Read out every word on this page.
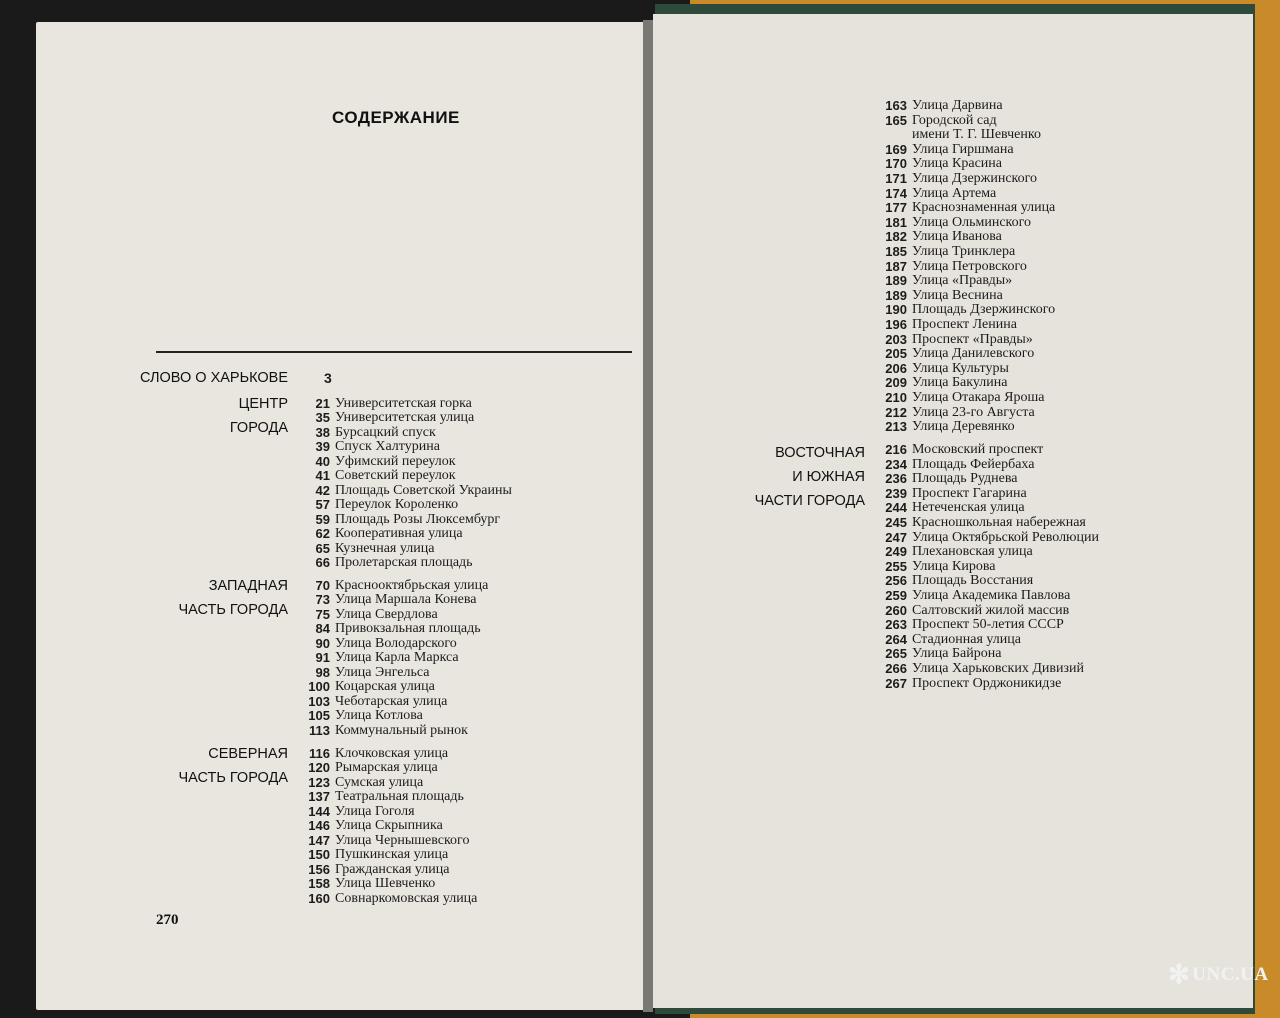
СОДЕРЖАНИЕ
СЛОВО О ХАРЬКОВЕ	3
ЦЕНТР
ГОРОДА
21 Университетская горка
35 Университетская улица
38 Бурсацкий спуск
39 Спуск Халтурина
40 Уфимский переулок
41 Советский переулок
42 Площадь Советской Украины
57 Переулок Короленко
59 Площадь Розы Люксембург
62 Кооперативная улица
65 Кузнечная улица
66 Пролетарская площадь
ЗАПАДНАЯ
ЧАСТЬ ГОРОДА
70 Краснооктябрьская улица
73 Улица Маршала Конева
75 Улица Свердлова
84 Привокзальная площадь
90 Улица Володарского
91 Улица Карла Маркса
98 Улица Энгельса
100 Коцарская улица
103 Чеботарская улица
105 Улица Котлова
113 Коммунальный рынок
СЕВЕРНАЯ
ЧАСТЬ ГОРОДА
116 Клочковская улица
120 Рымарская улица
123 Сумская улица
137 Театральная площадь
144 Улица Гоголя
146 Улица Скрыпника
147 Улица Чернышевского
150 Пушкинская улица
156 Гражданская улица
158 Улица Шевченко
160 Совнаркомовская улица
270
163 Улица Дарвина
165 Городской сад
имени Т. Г. Шевченко
169 Улица Гиршмана
170 Улица Красина
171 Улица Дзержинского
174 Улица Артема
177 Краснознаменная улица
181 Улица Ольминского
182 Улица Иванова
185 Улица Тринклера
187 Улица Петровского
189 Улица «Правды»
189 Улица Веснина
190 Площадь Дзержинского
196 Проспект Ленина
203 Проспект «Правды»
205 Улица Данилевского
206 Улица Культуры
209 Улица Бакулина
210 Улица Отакара Яроша
212 Улица 23-го Августа
213 Улица Деревянко
ВОСТОЧНАЯ
И ЮЖНАЯ
ЧАСТИ ГОРОДА
216 Московский проспект
234 Площадь Фейербаха
236 Площадь Руднева
239 Проспект Гагарина
244 Нетеченская улица
245 Красношкольная набережная
247 Улица Октябрьской Революции
249 Плехановская улица
255 Улица Кирова
256 Площадь Восстания
259 Улица Академика Павлова
260 Салтовский жилой массив
263 Проспект 50-летия СССР
264 Стадионная улица
265 Улица Байрона
266 Улица Харьковских Дивизий
267 Проспект Орджоникидзе
✻ UNC.UA
